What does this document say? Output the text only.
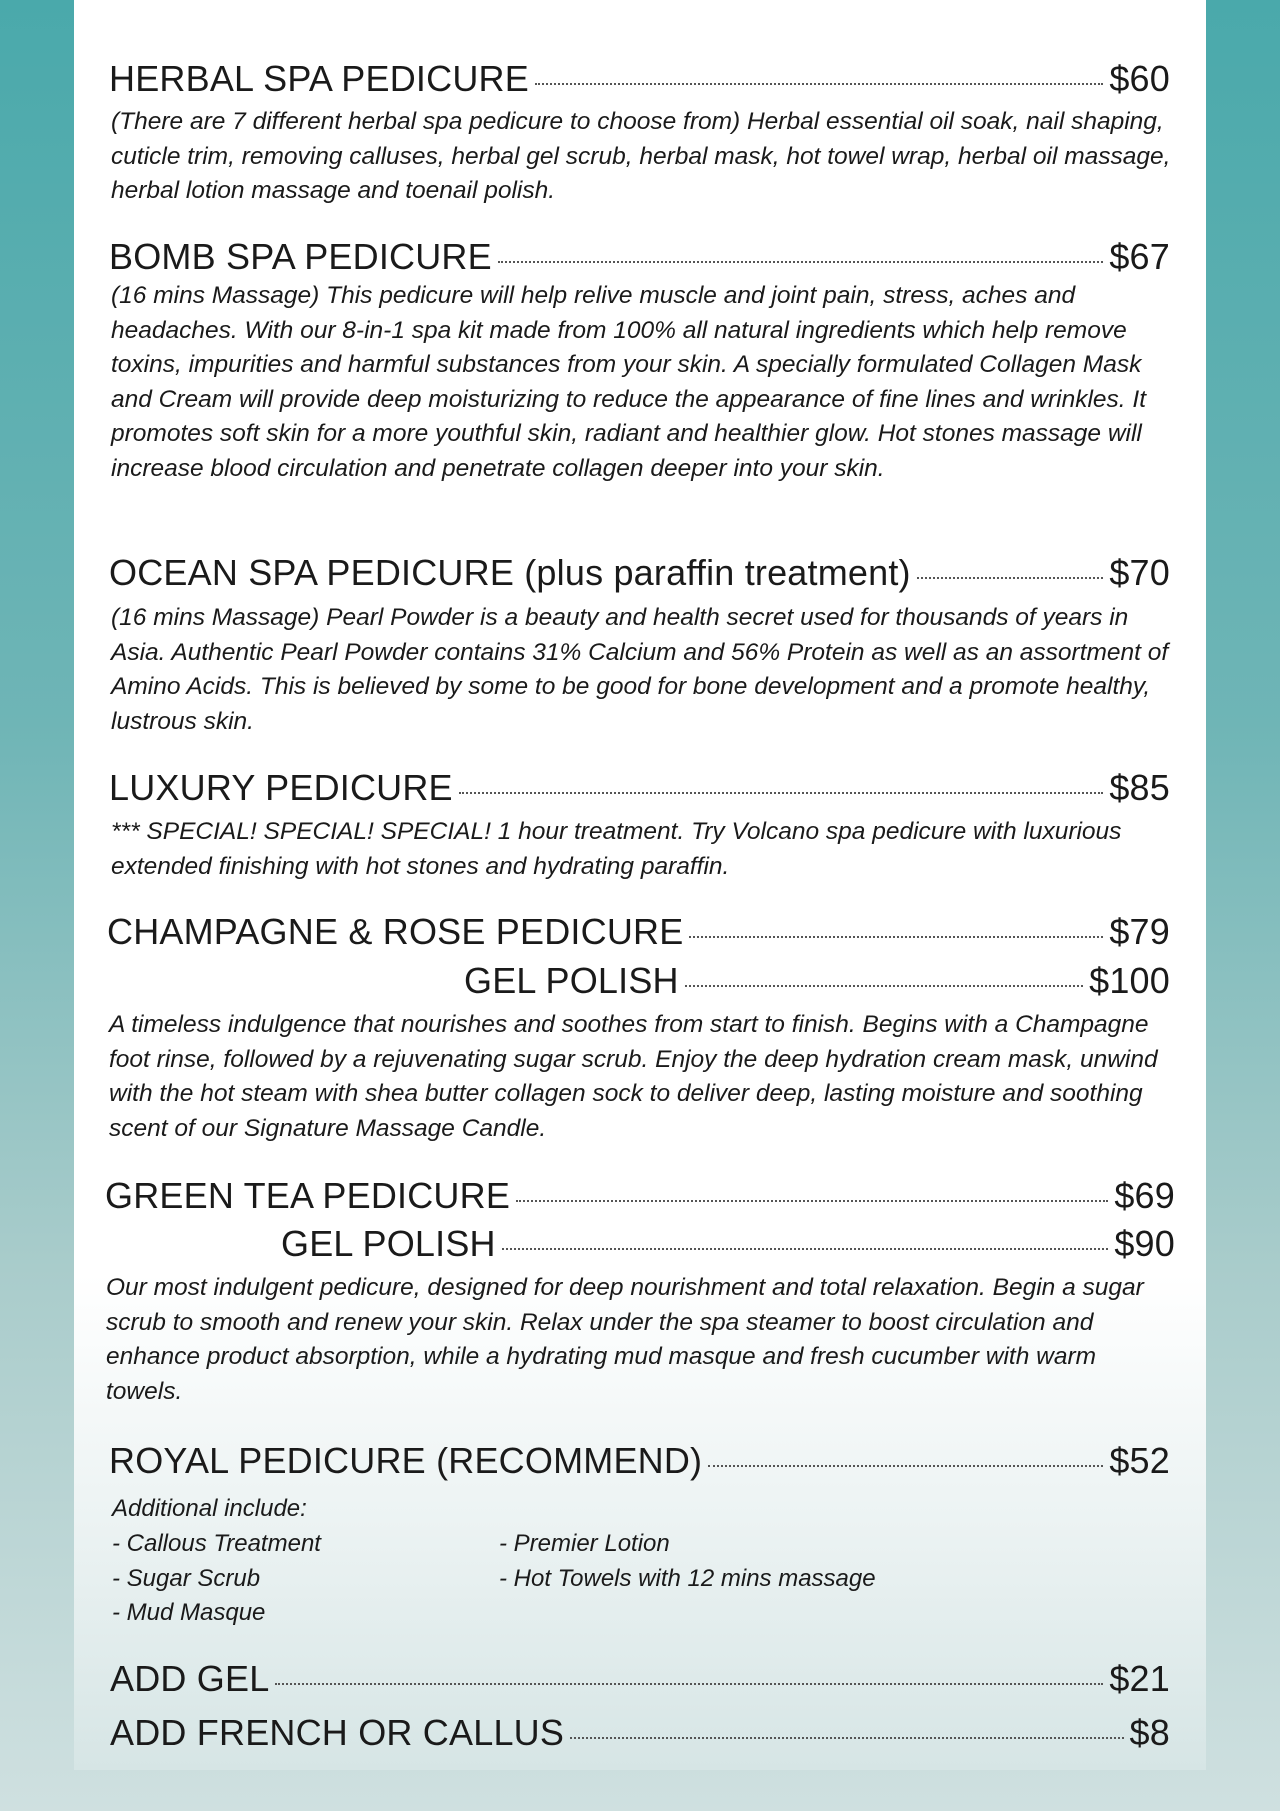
HERBAL SPA PEDICURE	$60

(There are 7 different herbal spa pedicure to choose from) Herbal essential oil soak, nail shaping, cuticle trim, removing calluses, herbal gel scrub, herbal mask, hot towel wrap, herbal oil massage, herbal lotion massage and toenail polish.

BOMB SPA PEDICURE	$67

(16 mins Massage) This pedicure will help relive muscle and joint pain, stress, aches and headaches. With our 8-in-1 spa kit made from 100% all natural ingredients which help remove toxins, impurities and harmful substances from your skin. A specially formulated Collagen Mask and Cream will provide deep moisturizing to reduce the appearance of fine lines and wrinkles. It promotes soft skin for a more youthful skin, radiant and healthier glow. Hot stones massage will increase blood circulation and penetrate collagen deeper into your skin.

OCEAN SPA PEDICURE (plus paraffin treatment)	$70

(16 mins Massage) Pearl Powder is a beauty and health secret used for thousands of years in Asia. Authentic Pearl Powder contains 31% Calcium and 56% Protein as well as an assortment of Amino Acids. This is believed by some to be good for bone development and a promote healthy, lustrous skin.

LUXURY PEDICURE	$85

*** SPECIAL! SPECIAL! SPECIAL! 1 hour treatment. Try Volcano spa pedicure with luxurious extended finishing with hot stones and hydrating paraffin.

CHAMPAGNE & ROSE PEDICURE	$79
GEL POLISH	$100

A timeless indulgence that nourishes and soothes from start to finish. Begins with a Champagne foot rinse, followed by a rejuvenating sugar scrub. Enjoy the deep hydration cream mask, unwind with the hot steam with shea butter collagen sock to deliver deep, lasting moisture and soothing scent of our Signature Massage Candle.

GREEN TEA PEDICURE	$69
GEL POLISH	$90

Our most indulgent pedicure, designed for deep nourishment and total relaxation. Begin a sugar scrub to smooth and renew your skin. Relax under the spa steamer to boost circulation and enhance product absorption, while a hydrating mud masque and fresh cucumber with warm towels.

ROYAL PEDICURE (RECOMMEND)	$52
Additional include:
- Callous Treatment
- Sugar Scrub
- Mud Masque
- Premier Lotion
- Hot Towels with 12 mins massage
ADD GEL	$21
ADD FRENCH OR CALLUS	$8
